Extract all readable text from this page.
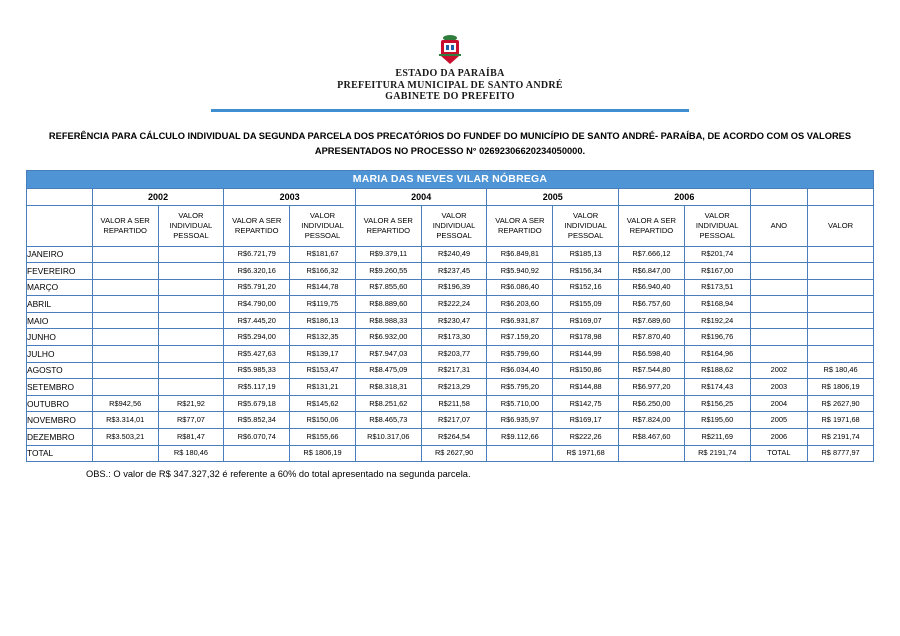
ESTADO DA PARAÍBA
PREFEITURA MUNICIPAL DE SANTO ANDRÉ
GABINETE DO PREFEITO
REFERÊNCIA PARA CÁLCULO INDIVIDUAL DA SEGUNDA PARCELA DOS PRECATÓRIOS DO FUNDEF DO MUNICÍPIO DE SANTO ANDRÉ- PARAÍBA, DE ACORDO COM OS VALORES APRESENTADOS NO PROCESSO N° 02692306620234050000.
MARIA DAS NEVES VILAR NÓBREGA												
	2002		2003		2004		2005		2006			
	VALOR A SER REPARTIDO	VALOR INDIVIDUAL PESSOAL	VALOR A SER REPARTIDO	VALOR INDIVIDUAL PESSOAL	VALOR A SER REPARTIDO	VALOR INDIVIDUAL PESSOAL	VALOR A SER REPARTIDO	VALOR INDIVIDUAL PESSOAL	VALOR A SER REPARTIDO	VALOR INDIVIDUAL PESSOAL	ANO	VALOR
JANEIRO			R$6.721,79	R$181,67	R$9.379,11	R$240,49	R$6.849,81	R$185,13	R$7.666,12	R$201,74		
FEVEREIRO			R$6.320,16	R$166,32	R$9.260,55	R$237,45	R$5.940,92	R$156,34	R$6.847,00	R$167,00		
MARÇO			R$5.791,20	R$144,78	R$7.855,60	R$196,39	R$6.086,40	R$152,16	R$6.940,40	R$173,51		
ABRIL			R$4.790,00	R$119,75	R$8.889,60	R$222,24	R$6.203,60	R$155,09	R$6.757,60	R$168,94		
MAIO			R$7.445,20	R$186,13	R$8.988,33	R$230,47	R$6.931,87	R$169,07	R$7.689,60	R$192,24		
JUNHO			R$5.294,00	R$132,35	R$6.932,00	R$173,30	R$7.159,20	R$178,98	R$7.870,40	R$196,76		
JULHO			R$5.427,63	R$139,17	R$7.947,03	R$203,77	R$5.799,60	R$144,99	R$6.598,40	R$164,96		
AGOSTO			R$5.985,33	R$153,47	R$8.475,09	R$217,31	R$6.034,40	R$150,86	R$7.544,80	R$188,62	2002	R$ 180,46
SETEMBRO			R$5.117,19	R$131,21	R$8.318,31	R$213,29	R$5.795,20	R$144,88	R$6.977,20	R$174,43	2003	R$ 1806,19
OUTUBRO	R$942,56	R$21,92	R$5.679,18	R$145,62	R$8.251,62	R$211,58	R$5.710,00	R$142,75	R$6.250,00	R$156,25	2004	R$ 2627,90
NOVEMBRO	R$3.314,01	R$77,07	R$5.852,34	R$150,06	R$8.465,73	R$217,07	R$6.935,97	R$169,17	R$7.824,00	R$195,60	2005	R$ 1971,68
DEZEMBRO	R$3.503,21	R$81,47	R$6.070,74	R$155,66	R$10.317,06	R$264,54	R$9.112,66	R$222,26	R$8.467,60	R$211,69	2006	R$ 2191,74
TOTAL		R$ 180,46		R$ 1806,19		R$ 2627,90		R$ 1971,68		R$ 2191,74	TOTAL	R$ 8777,97
OBS.: O valor de R$ 347.327,32 é referente a 60% do total apresentado na segunda parcela.
